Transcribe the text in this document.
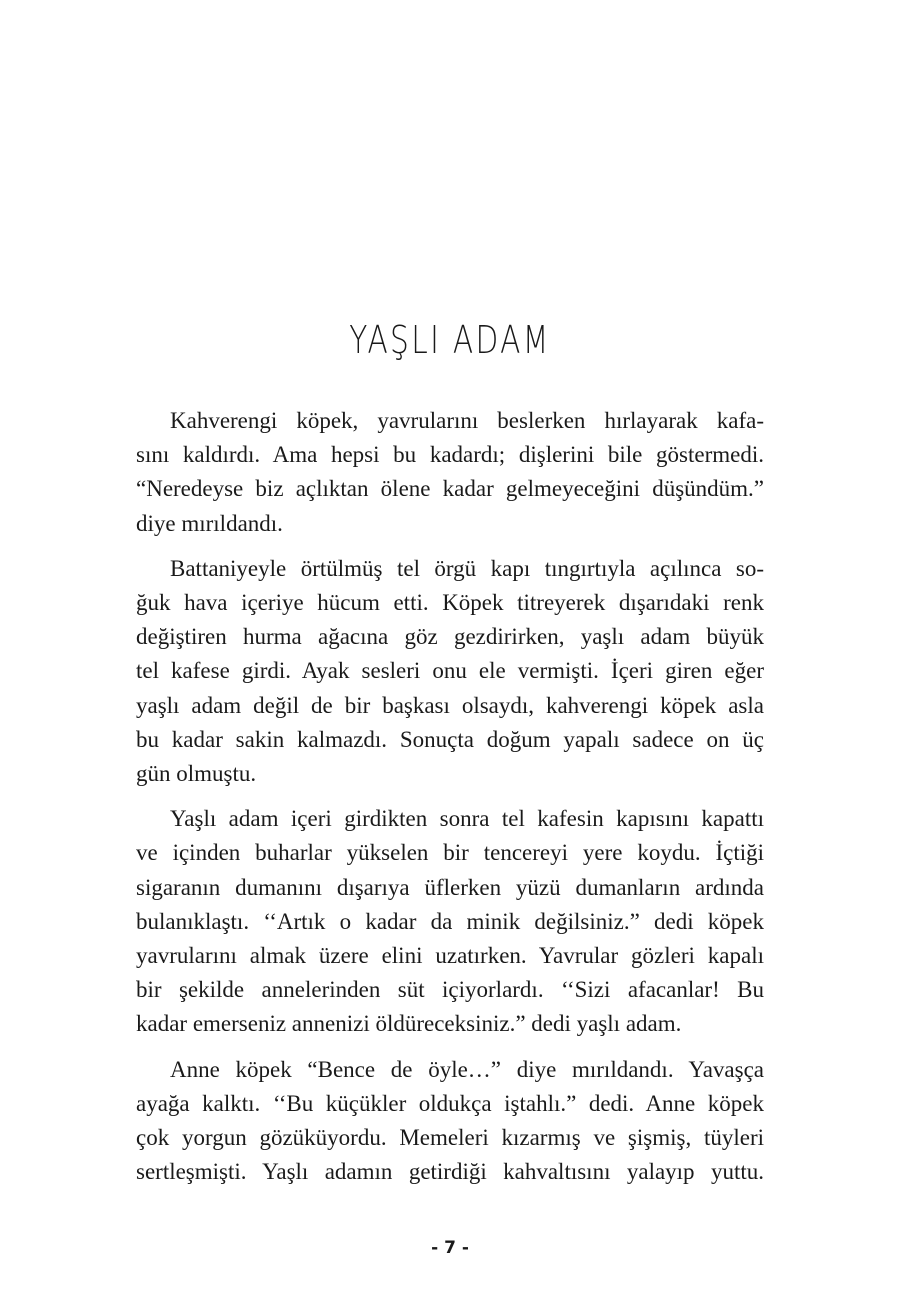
YAŞLI ADAM

Kahverengi köpek, yavrularını beslerken hırlayarak kafa-
sını kaldırdı. Ama hepsi bu kadardı; dişlerini bile göstermedi.
“Neredeyse biz açlıktan ölene kadar gelmeyeceğini düşündüm.”
diye mırıldandı.

Battaniyeyle örtülmüş tel örgü kapı tıngırtıyla açılınca so-
ğuk hava içeriye hücum etti. Köpek titreyerek dışarıdaki renk
değiştiren hurma ağacına göz gezdirirken, yaşlı adam büyük
tel kafese girdi. Ayak sesleri onu ele vermişti. İçeri giren eğer
yaşlı adam değil de bir başkası olsaydı, kahverengi köpek asla
bu kadar sakin kalmazdı. Sonuçta doğum yapalı sadece on üç
gün olmuştu.

Yaşlı adam içeri girdikten sonra tel kafesin kapısını kapattı
ve içinden buharlar yükselen bir tencereyi yere koydu. İçtiği
sigaranın dumanını dışarıya üflerken yüzü dumanların ardında
bulanıklaştı. ‘‘Artık o kadar da minik değilsiniz.” dedi köpek
yavrularını almak üzere elini uzatırken. Yavrular gözleri kapalı
bir şekilde annelerinden süt içiyorlardı. ‘‘Sizi afacanlar! Bu
kadar emerseniz annenizi öldüreceksiniz.” dedi yaşlı adam.

Anne köpek “Bence de öyle…” diye mırıldandı. Yavaşça
ayağa kalktı. ‘‘Bu küçükler oldukça iştahlı.” dedi. Anne köpek
çok yorgun gözüküyordu. Memeleri kızarmış ve şişmiş, tüyleri
sertleşmişti. Yaşlı adamın getirdiği kahvaltısını yalayıp yuttu.

- 7 -
